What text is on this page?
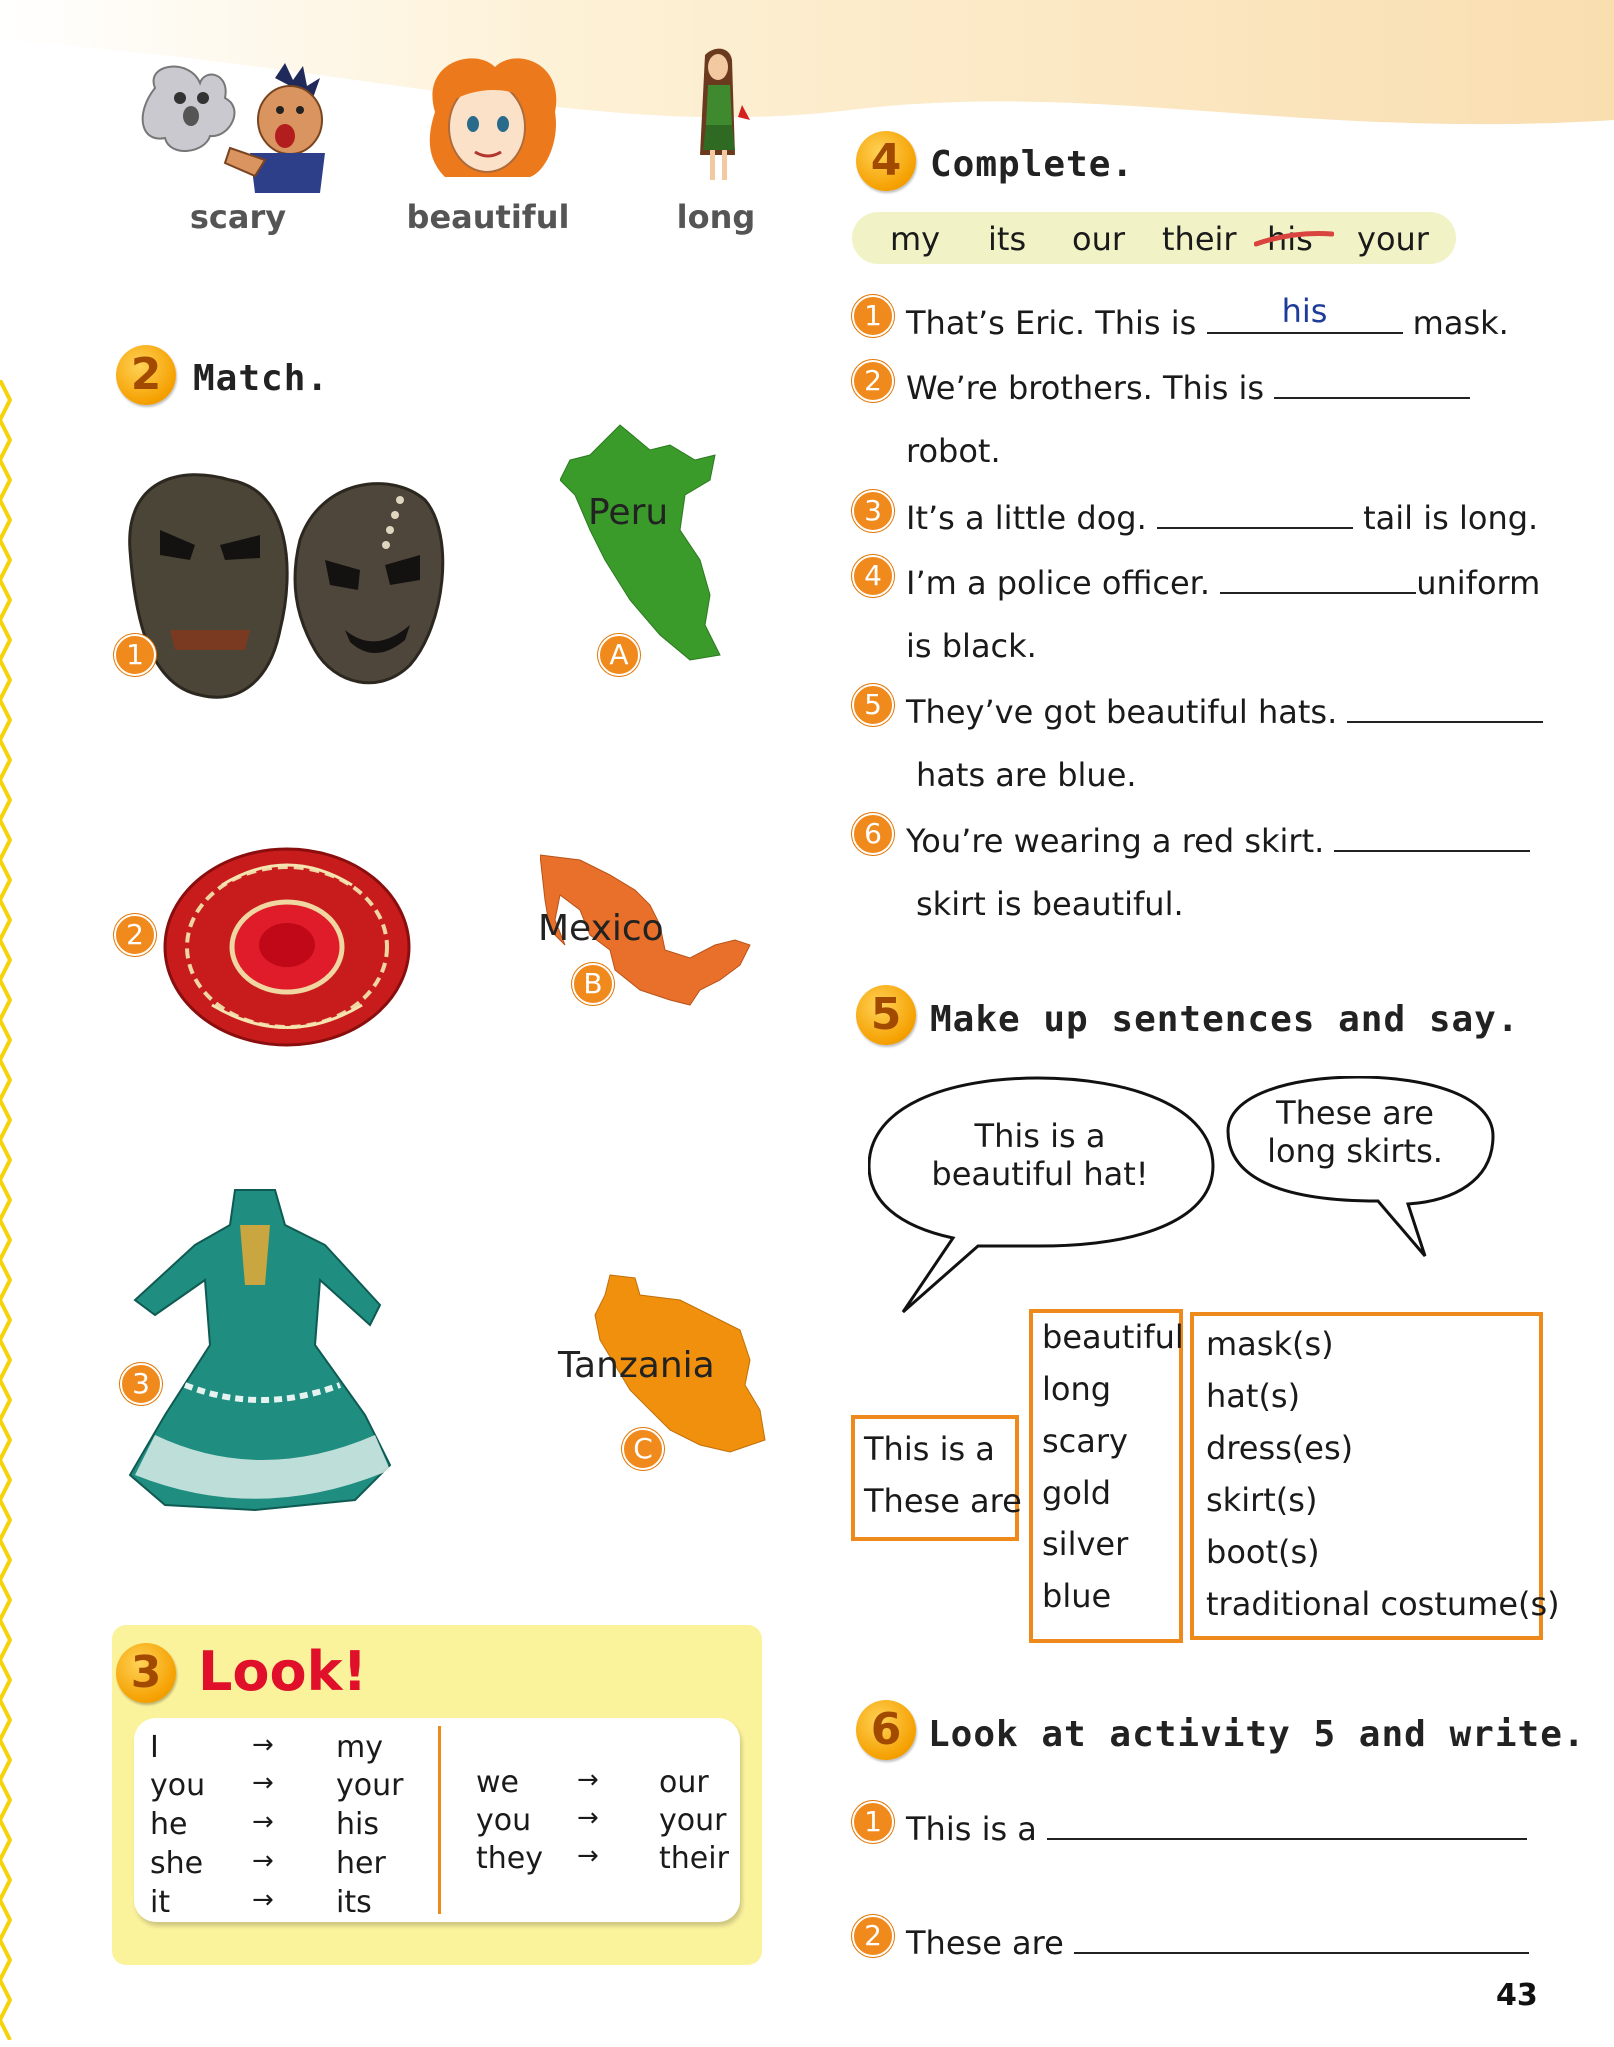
scary	beautiful	long
2 Match.
1
Peru
A
2	Mexico
B
3	Tanzania
C
3 Look!
I	→ my
you → your
he → his
she → her
it	→ its
we → our
you → your
they → their
4 Complete.
my its our their his your
1 That’s Eric. This is	his	mask.
2 We’re brothers. This is
robot.
3 It’s a little dog.	tail is long.
4 I’m a police officer.	uniform
is black.
5 They’ve got beautiful hats.
hats are blue.
6 You’re wearing a red skirt.
skirt is beautiful.
5 Make up sentences and say.
This is a beautiful hat!
These are long skirts.
This is a
These are
beautiful
long
scary
gold
silver
blue
mask(s)
hat(s)
dress(es)
skirt(s)
boot(s)
traditional costume(s)
6 Look at activity 5 and write.
1 This is a
2 These are
43
